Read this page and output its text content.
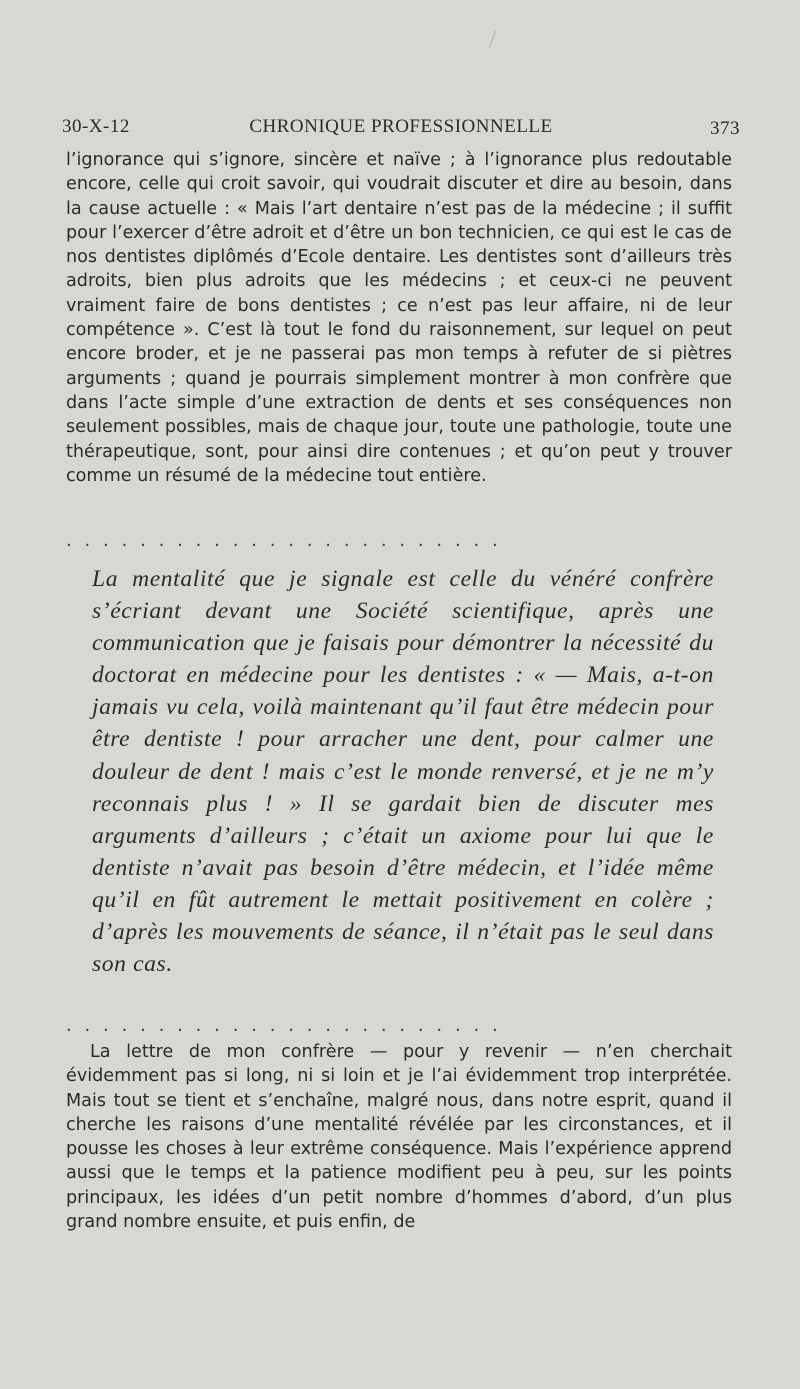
30-X-12	CHRONIQUE PROFESSIONNELLE	373

l’ignorance qui s’ignore, sincère et naïve ; à l’ignorance plus redoutable encore, celle qui croit savoir, qui voudrait discuter et dire au besoin, dans la cause actuelle : « Mais l’art dentaire n’est pas de la médecine ; il suffit pour l’exercer d’être adroit et d’être un bon technicien, ce qui est le cas de nos dentistes diplômés d’Ecole dentaire. Les dentistes sont d’ailleurs très adroits, bien plus adroits que les médecins ; et ceux-ci ne peuvent vraiment faire de bons dentistes ; ce n’est pas leur affaire, ni de leur compétence ». C’est là tout le fond du raisonnement, sur lequel on peut encore broder, et je ne passerai pas mon temps à refuter de si piètres arguments ; quand je pourrais simplement montrer à mon confrère que dans l’acte simple d’une extraction de dents et ses conséquences non seulement possibles, mais de chaque jour, toute une pathologie, toute une thérapeutique, sont, pour ainsi dire contenues ; et qu’on peut y trouver comme un résumé de la médecine tout entière.

........................

La mentalité que je signale est celle du vénéré confrère s’écriant devant une Société scientifique, après une communication que je faisais pour démontrer la nécessité du doctorat en médecine pour les dentistes : « — Mais, a-t-on jamais vu cela, voilà maintenant qu’il faut être médecin pour être dentiste ! pour arracher une dent, pour calmer une douleur de dent ! mais c’est le monde renversé, et je ne m’y reconnais plus ! » Il se gardait bien de discuter mes arguments d’ailleurs ; c’était un axiome pour lui que le dentiste n’avait pas besoin d’être médecin, et l’idée même qu’il en fût autrement le mettait positivement en colère ; d’après les mouvements de séance, il n’était pas le seul dans son cas.

........................

La lettre de mon confrère — pour y revenir — n’en cherchait évidemment pas si long, ni si loin et je l’ai évidemment trop interprétée. Mais tout se tient et s’enchaîne, malgré nous, dans notre esprit, quand il cherche les raisons d’une mentalité révélée par les circonstances, et il pousse les choses à leur extrême conséquence. Mais l’expérience apprend aussi que le temps et la patience modifient peu à peu, sur les points principaux, les idées d’un petit nombre d’hommes d’abord, d’un plus grand nombre ensuite, et puis enfin, de
